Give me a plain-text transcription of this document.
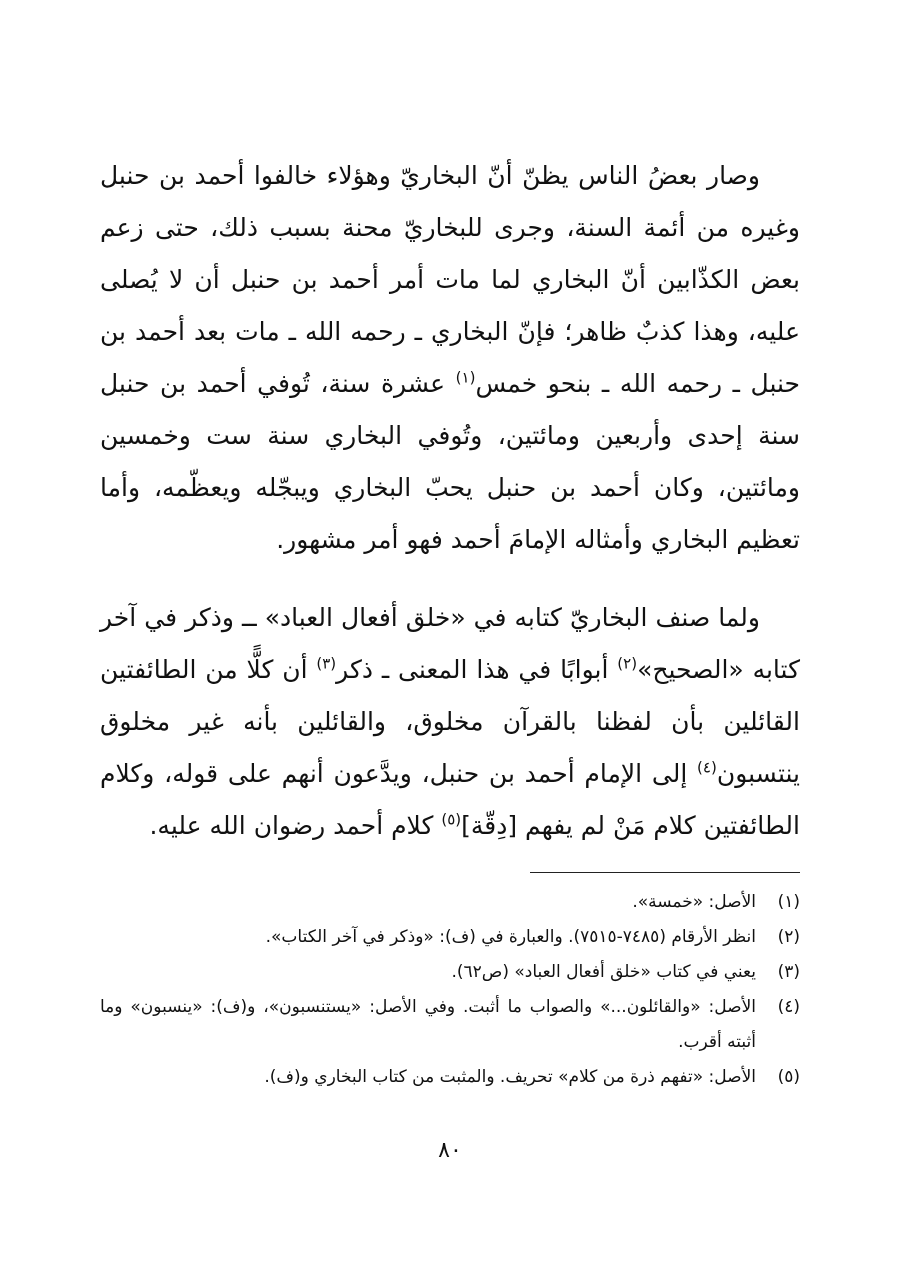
وصار بعضُ الناس يظنّ أنّ البخاريّ وهؤلاء خالفوا أحمد بن حنبل وغيره من أئمة السنة، وجرى للبخاريّ محنة بسبب ذلك، حتى زعم بعض الكذّابين أنّ البخاري لما مات أمر أحمد بن حنبل أن لا يُصلى عليه، وهذا كذبٌ ظاهر؛ فإنّ البخاري ـ رحمه الله ـ مات بعد أحمد بن حنبل ـ رحمه الله ـ بنحو خمس$^{(١)}$ عشرة سنة، تُوفي أحمد بن حنبل سنة إحدى وأربعين ومائتين، وتُوفي البخاري سنة ست وخمسين ومائتين، وكان أحمد بن حنبل يحبّ البخاري ويبجّله ويعظّمه، وأما تعظيم البخاري وأمثاله الإمامَ أحمد فهو أمر مشهور.

ولما صنف البخاريّ كتابه في «خلق أفعال العباد» ــ وذكر في آخر كتابه «الصحيح»$^{(٢)}$ أبوابًا في هذا المعنى ـ ذكر$^{(٣)}$ أن كلًّا من الطائفتين القائلين بأن لفظنا بالقرآن مخلوق، والقائلين بأنه غير مخلوق ينتسبون$^{(٤)}$ إلى الإمام أحمد بن حنبل، ويدَّعون أنهم على قوله، وكلام الطائفتين كلام مَنْ لم يفهم [دِقّة]$^{(٥)}$ كلام أحمد رضوان الله عليه.

(١)
الأصل: «خمسة».
(٢)
انظر الأرقام (٧٤٨٥-٧٥١٥). والعبارة في (ف): «وذكر في آخر الكتاب».
(٣)
يعني في كتاب «خلق أفعال العباد» (ص٦٢).
(٤)
الأصل: «والقائلون...» والصواب ما أثبت. وفي الأصل: «يستنسبون»، و(ف): «ينسبون» وما أثبته أقرب.
(٥)
الأصل: «تفهم ذرة من كلام» تحريف. والمثبت من كتاب البخاري و(ف).
٨٠
